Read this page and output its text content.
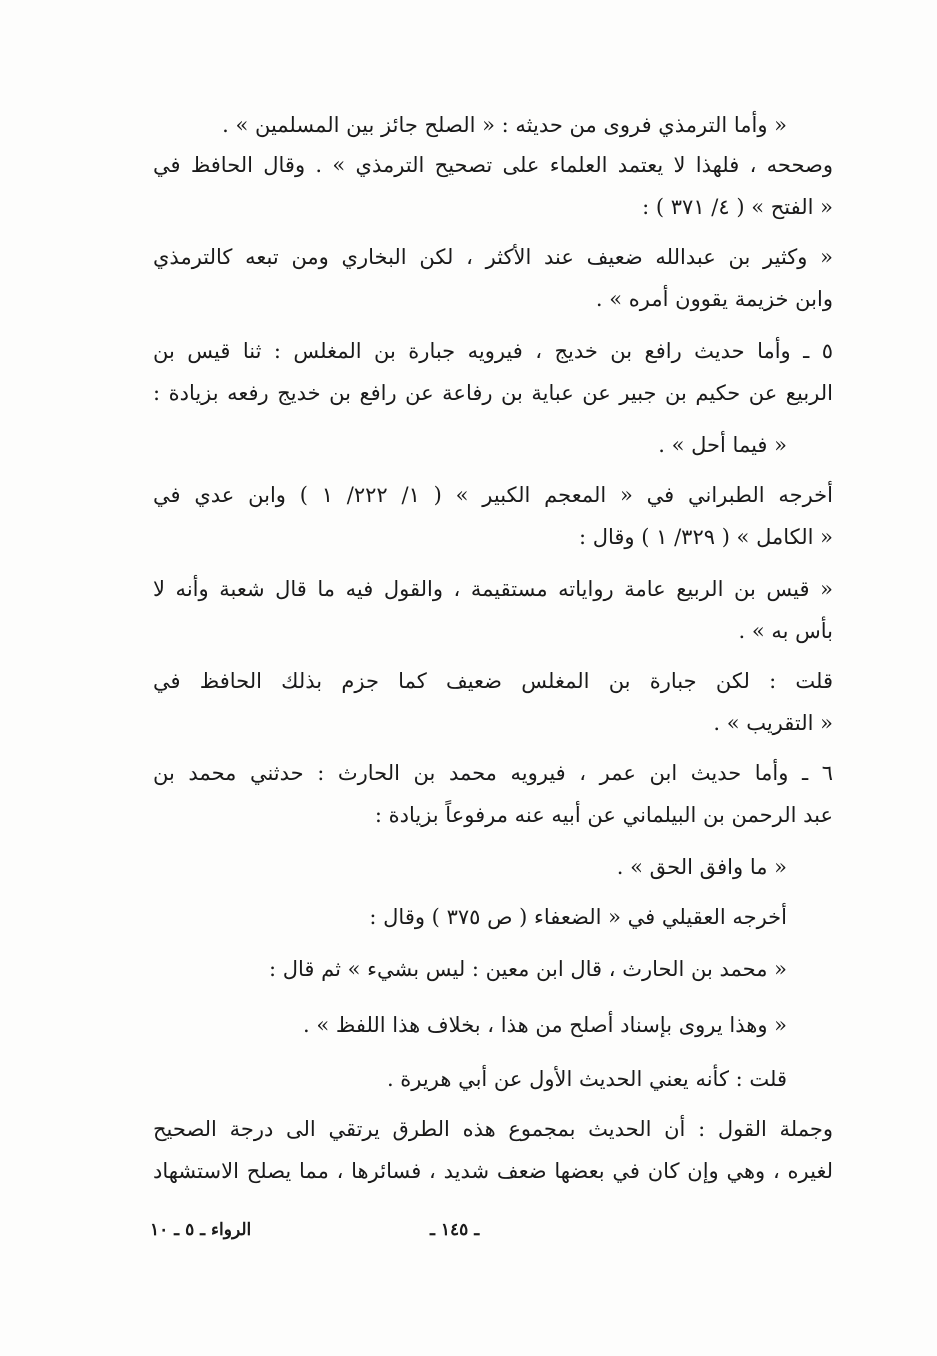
« وأما الترمذي فروى من حديثه : « الصلح جائز بين المسلمين » .
وصححه ، فلهذا لا يعتمد العلماء على تصحيح الترمذي » . وقال الحافظ في
« الفتح » ( ٤/ ٣٧١ ) :
« وكثير بن عبدالله ضعيف عند الأكثر ، لكن البخاري ومن تبعه كالترمذي
وابن خزيمة يقوون أمره » .
٥ ـ وأما حديث رافع بن خديج ، فيرويه جبارة بن المغلس : ثنا قيس بن
الربيع عن حكيم بن جبير عن عباية بن رفاعة عن رافع بن خديج رفعه بزيادة :
« فيما أحل » .
أخرجه الطبراني في « المعجم الكبير » ( ١/ ٢٢٢/ ١ ) وابن عدي في
« الكامل » ( ٣٢٩/ ١ ) وقال :
« قيس بن الربيع عامة رواياته مستقيمة ، والقول فيه ما قال شعبة وأنه لا
بأس به » .
قلت : لكن جبارة بن المغلس ضعيف كما جزم بذلك الحافظ في
« التقريب » .
٦ ـ وأما حديث ابن عمر ، فيرويه محمد بن الحارث : حدثني محمد بن
عبد الرحمن بن البيلماني عن أبيه عنه مرفوعاً بزيادة :
« ما وافق الحق » .
أخرجه العقيلي في « الضعفاء ( ص ٣٧٥ ) وقال :
« محمد بن الحارث ، قال ابن معين : ليس بشيء » ثم قال :
« وهذا يروى بإسناد أصلح من هذا ، بخلاف هذا اللفظ » .
قلت : كأنه يعني الحديث الأول عن أبي هريرة .
وجملة القول : أن الحديث بمجموع هذه الطرق يرتقي الى درجة الصحيح
لغيره ، وهي وإن كان في بعضها ضعف شديد ، فسائرها ، مما يصلح الاستشهاد
ـ ١٤٥ ـ
الرواء ـ ٥ ـ ١٠
